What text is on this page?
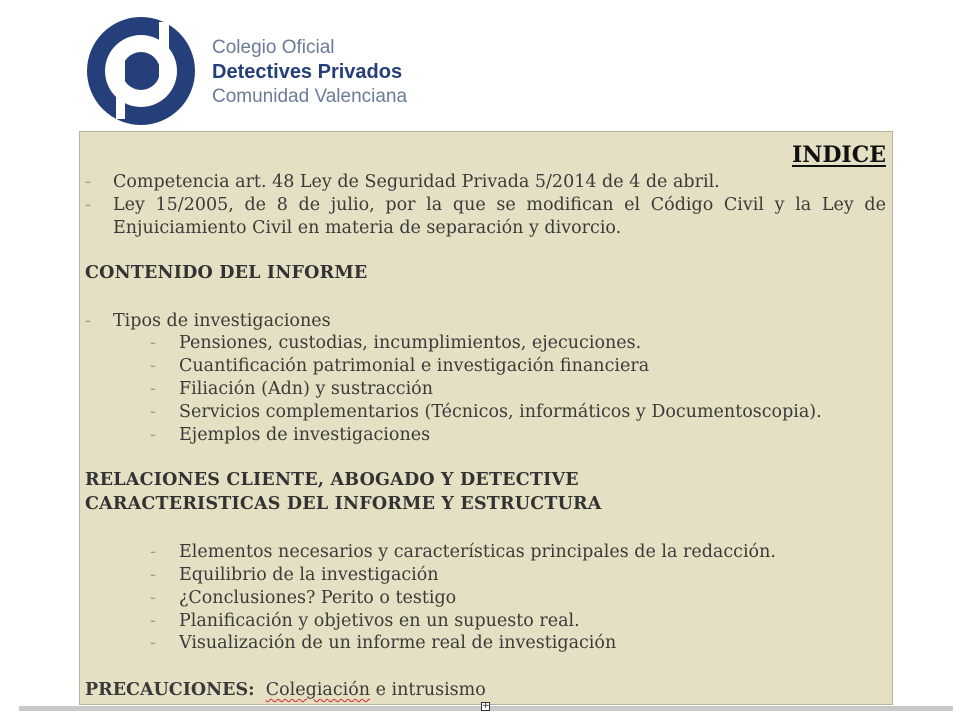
Colegio Oficial
Detectives Privados
Comunidad Valenciana
INDICE
- Competencia art. 48 Ley de Seguridad Privada 5/2014 de 4 de abril.
- Ley 15/2005, de 8 de julio, por la que se modifican el Código Civil y la Ley de
Enjuiciamiento Civil en materia de separación y divorcio.
CONTENIDO DEL INFORME
- Tipos de investigaciones
- Pensiones, custodias, incumplimientos, ejecuciones.
- Cuantificación patrimonial e investigación financiera
- Filiación (Adn) y sustracción
- Servicios complementarios (Técnicos, informáticos y Documentoscopia).
- Ejemplos de investigaciones
RELACIONES CLIENTE, ABOGADO Y DETECTIVE
CARACTERISTICAS DEL INFORME Y ESTRUCTURA
- Elementos necesarios y características principales de la redacción.
- Equilibrio de la investigación
- ¿Conclusiones? Perito o testigo
- Planificación y objetivos en un supuesto real.
- Visualización de un informe real de investigación
PRECAUCIONES: Colegiación e intrusismo
+
